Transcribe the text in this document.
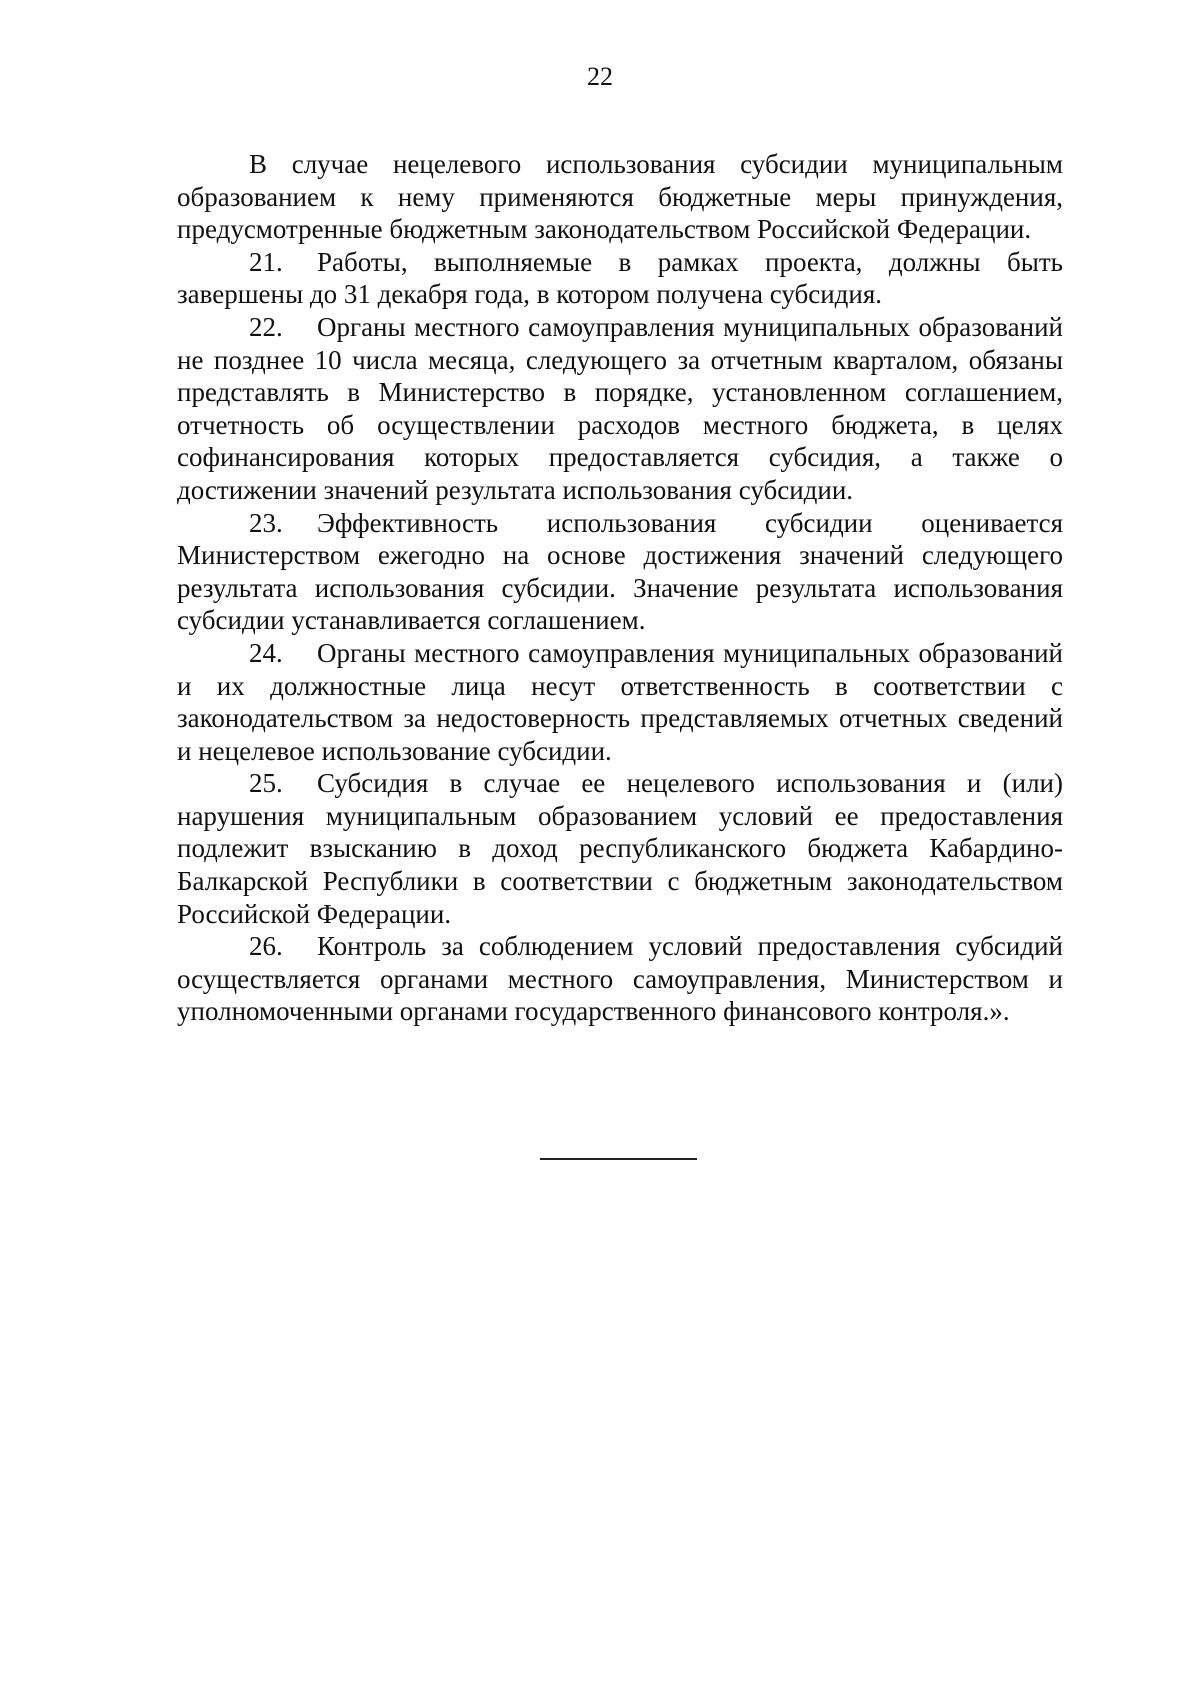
22

В случае нецелевого использования субсидии муниципальным образованием к нему применяются бюджетные меры принуждения, предусмотренные бюджетным законодательством Российской Федерации.

21. Работы, выполняемые в рамках проекта, должны быть завершены до 31 декабря года, в котором получена субсидия.

22. Органы местного самоуправления муниципальных образований не позднее 10 числа месяца, следующего за отчетным кварталом, обязаны представлять в Министерство в порядке, установленном соглашением, отчетность об осуществлении расходов местного бюджета, в целях софинансирования которых предоставляется субсидия, а также о достижении значений результата использования субсидии.

23. Эффективность использования субсидии оценивается Министерством ежегодно на основе достижения значений следующего результата использования субсидии. Значение результата использования субсидии устанавливается соглашением.

24. Органы местного самоуправления муниципальных образований и их должностные лица несут ответственность в соответствии с законодательством за недостоверность представляемых отчетных сведений и нецелевое использование субсидии.

25. Субсидия в случае ее нецелевого использования и (или) нарушения муниципальным образованием условий ее предоставления подлежит взысканию в доход республиканского бюджета Кабардино-Балкарской Республики в соответствии с бюджетным законодательством Российской Федерации.

26. Контроль за соблюдением условий предоставления субсидий осуществляется органами местного самоуправления, Министерством и уполномоченными органами государственного финансового контроля.».
